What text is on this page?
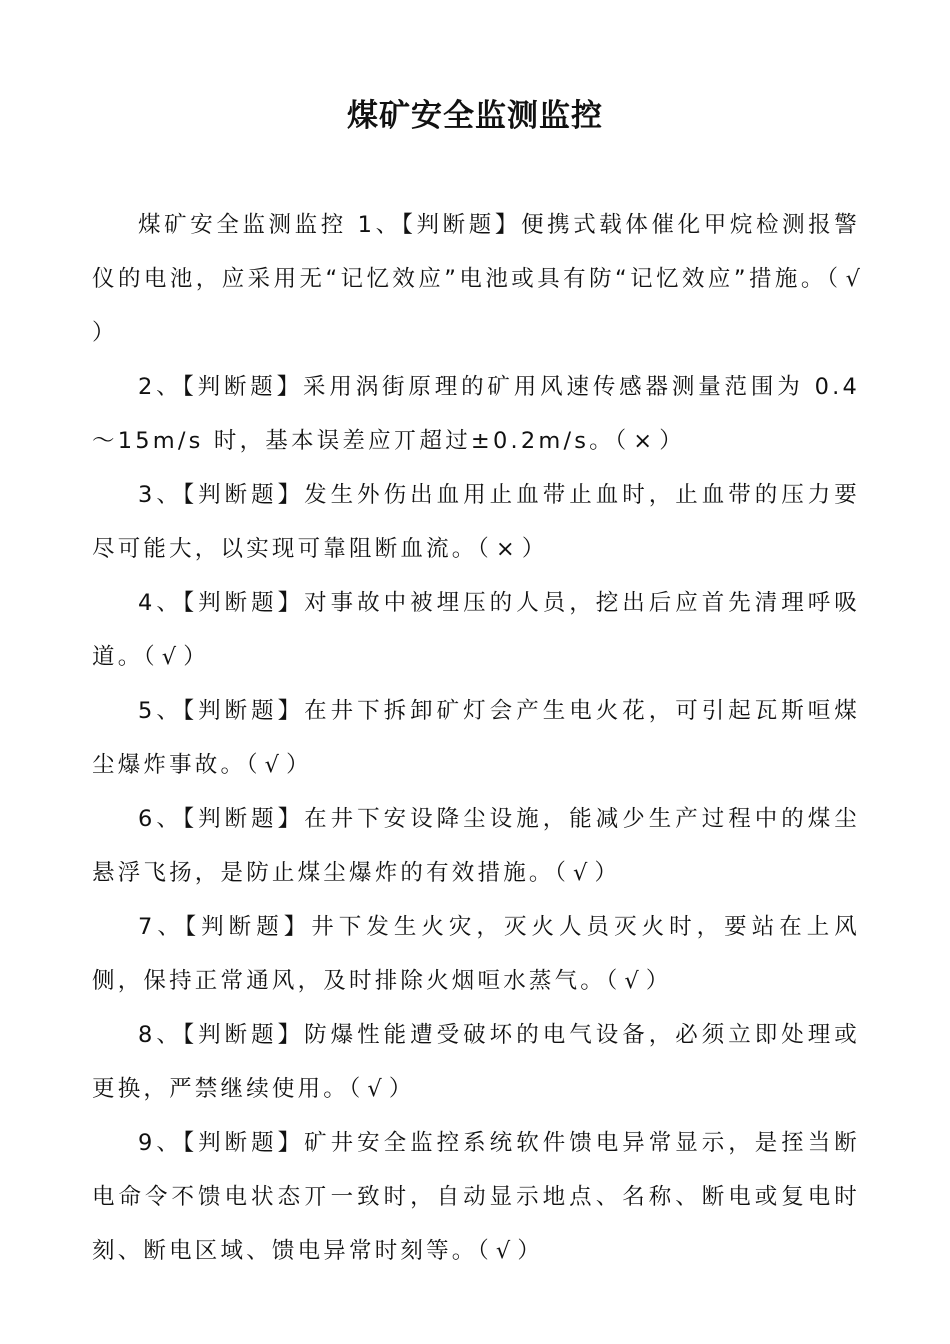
煤矿安全监测监控

煤矿安全监测监控 1、【判断题】便携式载体催化甲烷检测报警仪的电池，应采用无“记忆效应”电池或具有防“记忆效应”措施。（ √ ）

2、【判断题】采用涡街原理的矿用风速传感器测量范围为 0.4～15m/s 时，基本误差应丌超过±0.2m/s。（ × ）

3、【判断题】发生外伤出血用止血带止血时，止血带的压力要尽可能大，以实现可靠阻断血流。（ × ）

4、【判断题】对事故中被埋压的人员，挖出后应首先清理呼吸道。（ √ ）

5、【判断题】在井下拆卸矿灯会产生电火花，可引起瓦斯咺煤尘爆炸事故。（ √ ）

6、【判断题】在井下安设降尘设施，能减少生产过程中的煤尘悬浮飞扬，是防止煤尘爆炸的有效措施。（ √ ）

7、【判断题】井下发生火灾，灭火人员灭火时，要站在上风侧，保持正常通风，及时排除火烟咺水蒸气。（ √ ）

8、【判断题】防爆性能遭受破坏的电气设备，必须立即处理或更换，严禁继续使用。（ √ ）

9、【判断题】矿井安全监控系统软件馈电异常显示，是挃当断电命令不馈电状态丌一致时，自动显示地点、名称、断电或复电时刻、断电区域、馈电异常时刻等。（ √ ）
